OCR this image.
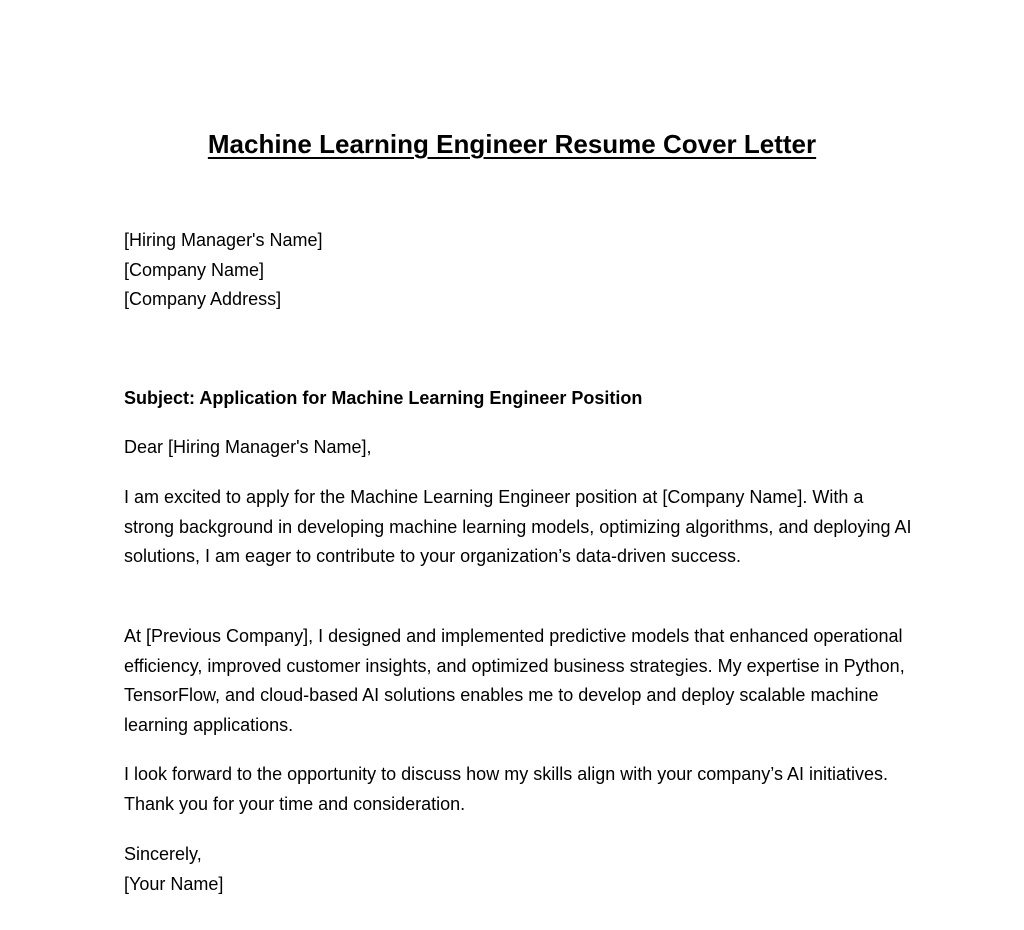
Machine Learning Engineer Resume Cover Letter
[Hiring Manager's Name]
[Company Name]
[Company Address]
Subject: Application for Machine Learning Engineer Position
Dear [Hiring Manager's Name],

I am excited to apply for the Machine Learning Engineer position at [Company Name]. With a strong background in developing machine learning models, optimizing algorithms, and deploying AI solutions, I am eager to contribute to your organization’s data-driven success.

At [Previous Company], I designed and implemented predictive models that enhanced operational efficiency, improved customer insights, and optimized business strategies. My expertise in Python, TensorFlow, and cloud-based AI solutions enables me to develop and deploy scalable machine learning applications.

I look forward to the opportunity to discuss how my skills align with your company’s AI initiatives. Thank you for your time and consideration.

Sincerely,
[Your Name]
